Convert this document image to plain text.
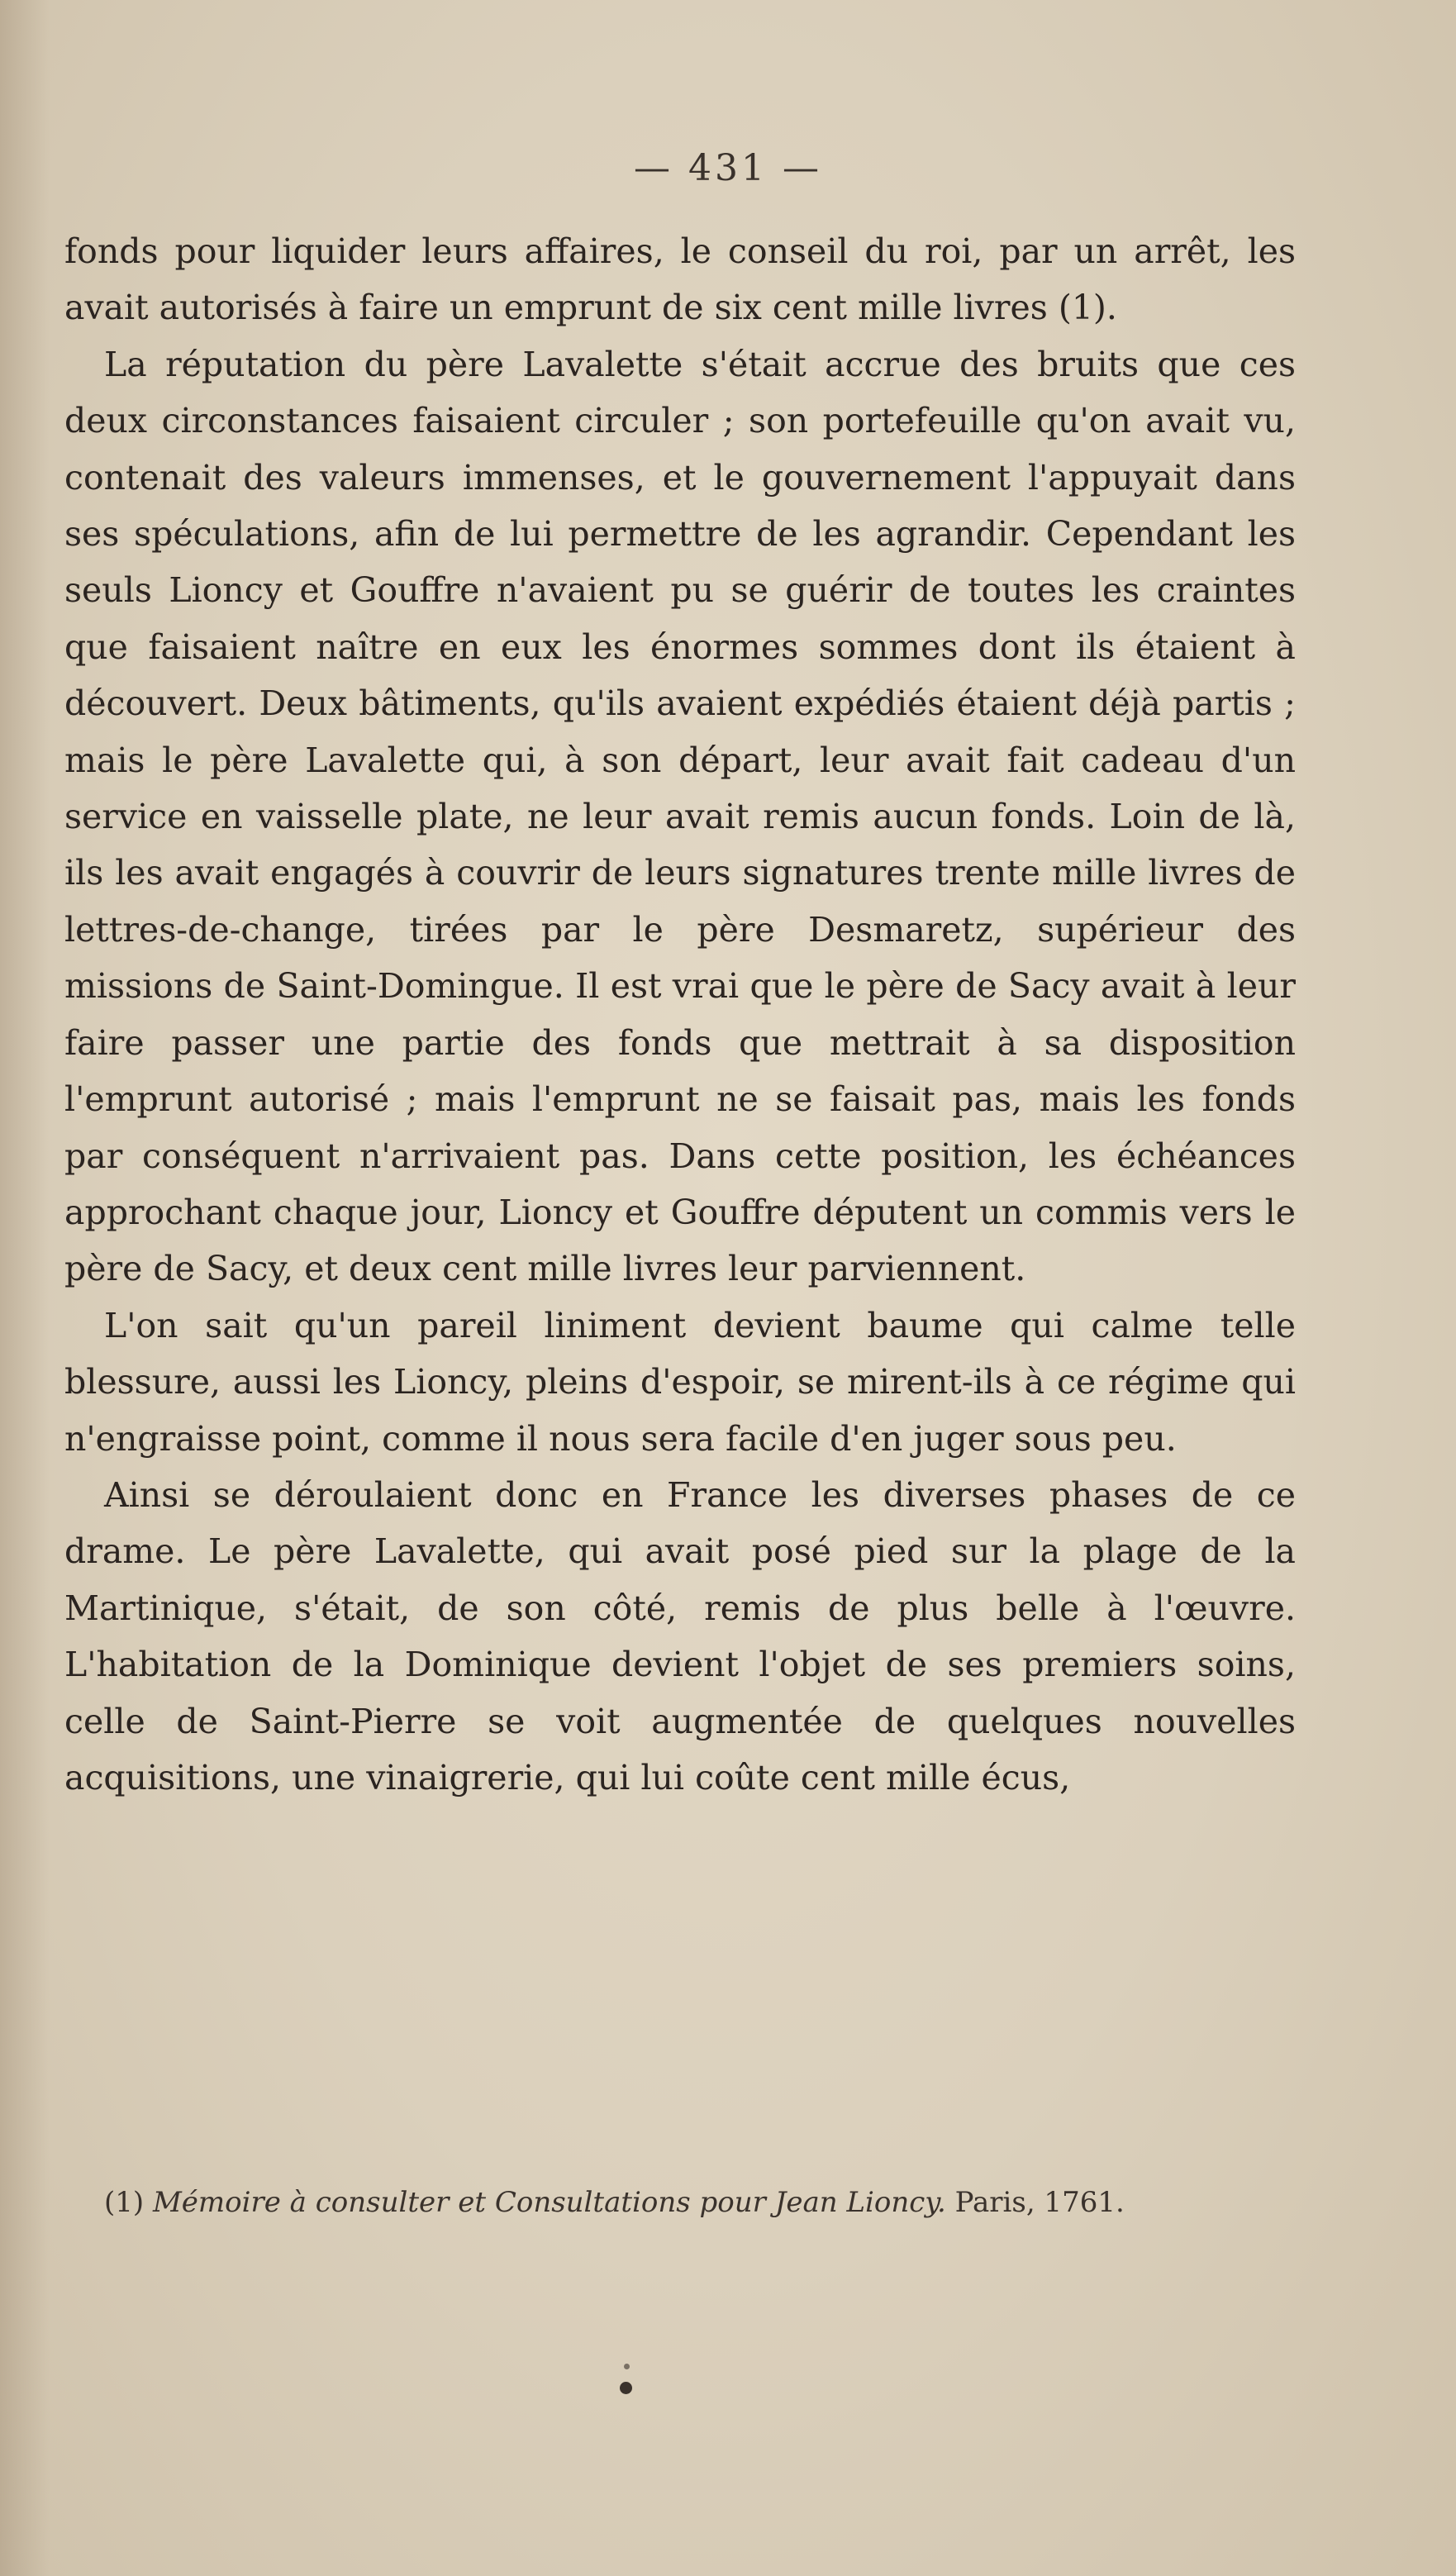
— 431 —

fonds pour liquider leurs affaires, le conseil du roi, par un arrêt, les avait autorisés à faire un emprunt de six cent mille livres (1).

La réputation du père Lavalette s'était accrue des bruits que ces deux circonstances faisaient circuler ; son portefeuille qu'on avait vu, contenait des valeurs immenses, et le gouvernement l'appuyait dans ses spéculations, afin de lui permettre de les agrandir. Cependant les seuls Lioncy et Gouffre n'avaient pu se guérir de toutes les craintes que faisaient naître en eux les énormes sommes dont ils étaient à découvert. Deux bâtiments, qu'ils avaient expédiés étaient déjà partis ; mais le père Lavalette qui, à son départ, leur avait fait cadeau d'un service en vaisselle plate, ne leur avait remis aucun fonds. Loin de là, ils les avait engagés à couvrir de leurs signatures trente mille livres de lettres-de-change, tirées par le père Desmaretz, supérieur des missions de Saint-Domingue. Il est vrai que le père de Sacy avait à leur faire passer une partie des fonds que mettrait à sa disposition l'emprunt autorisé ; mais l'emprunt ne se faisait pas, mais les fonds par conséquent n'arrivaient pas. Dans cette position, les échéances approchant chaque jour, Lioncy et Gouffre députent un commis vers le père de Sacy, et deux cent mille livres leur parviennent.

L'on sait qu'un pareil liniment devient baume qui calme telle blessure, aussi les Lioncy, pleins d'espoir, se mirent-ils à ce régime qui n'engraisse point, comme il nous sera facile d'en juger sous peu.

Ainsi se déroulaient donc en France les diverses phases de ce drame. Le père Lavalette, qui avait posé pied sur la plage de la Martinique, s'était, de son côté, remis de plus belle à l'œuvre. L'habitation de la Dominique devient l'objet de ses premiers soins, celle de Saint-Pierre se voit augmentée de quelques nouvelles acquisitions, une vinaigrerie, qui lui coûte cent mille écus,

(1) Mémoire à consulter et Consultations pour Jean Lioncy. Paris, 1761.
